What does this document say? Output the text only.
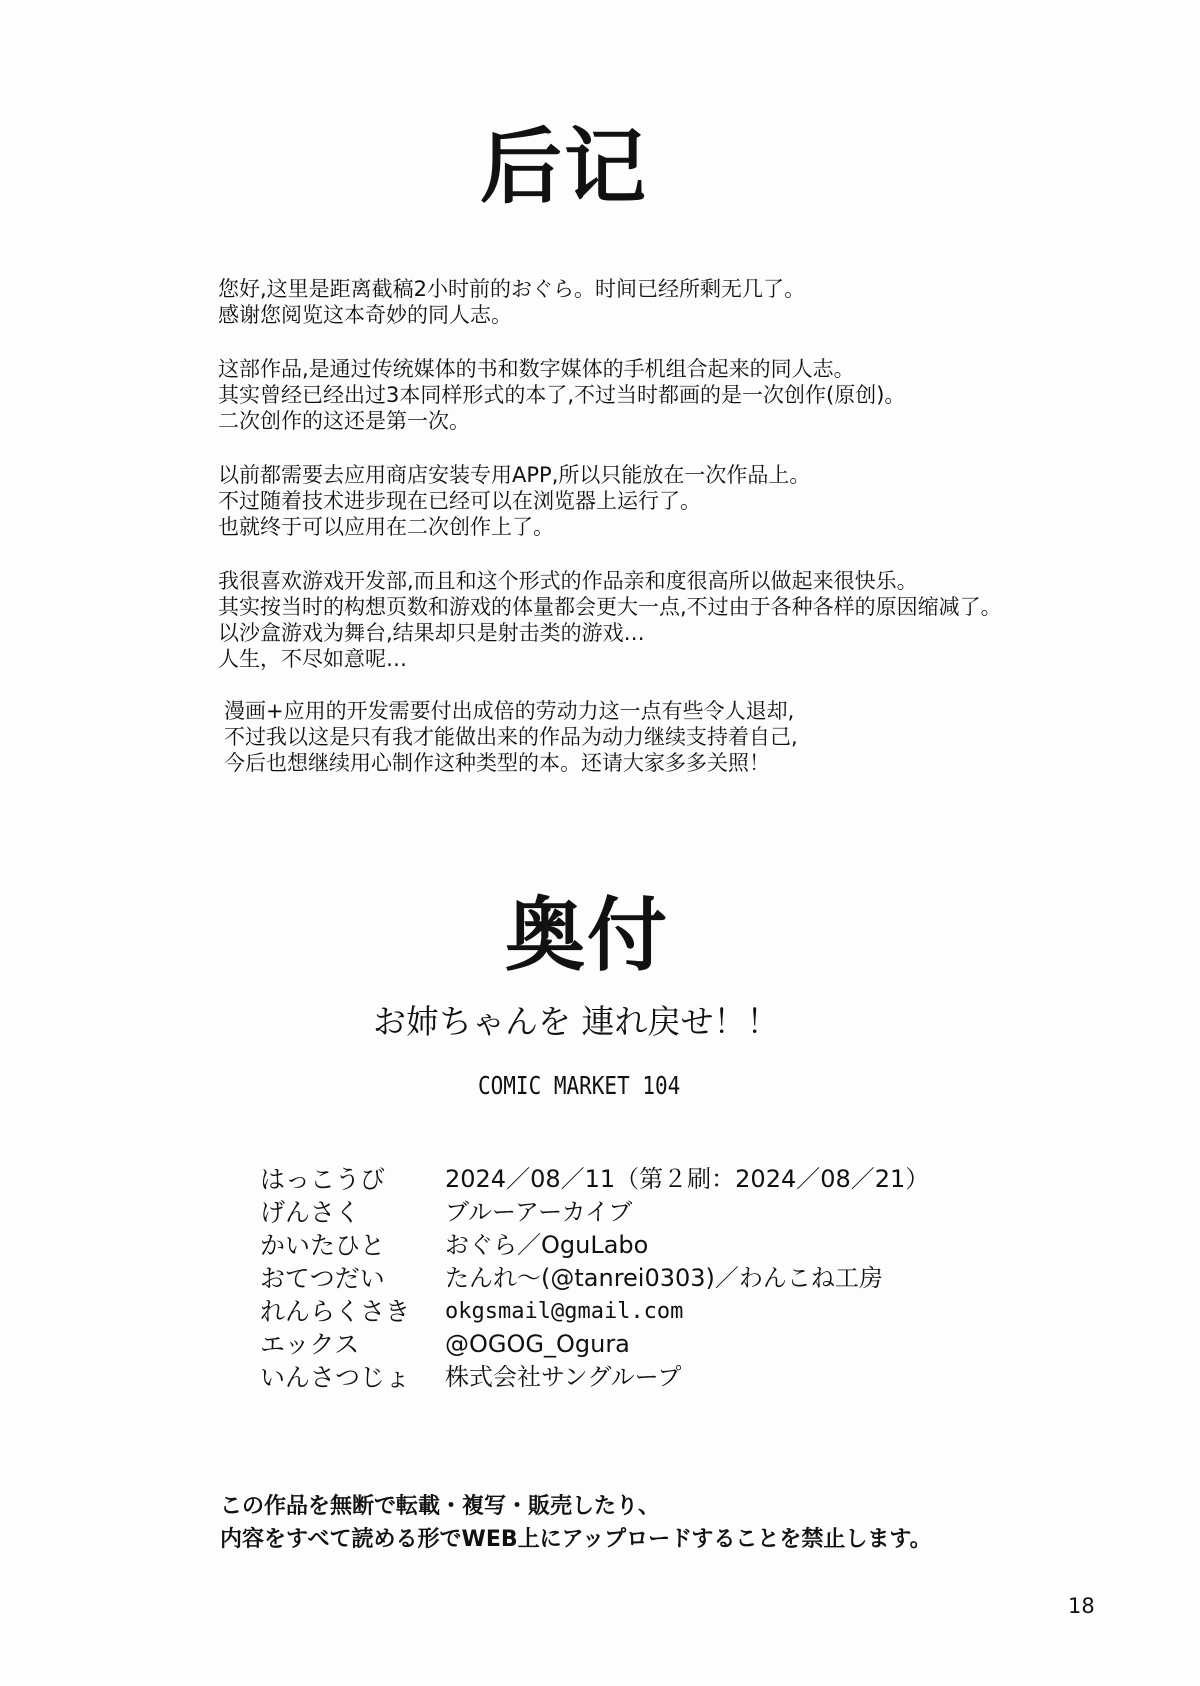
后记
您好,这里是距离截稿2小时前的おぐら。时间已经所剩无几了。
感谢您阅览这本奇妙的同人志。
这部作品,是通过传统媒体的书和数字媒体的手机组合起来的同人志。
其实曾经已经出过3本同样形式的本了,不过当时都画的是一次创作(原创)。
二次创作的这还是第一次。
以前都需要去应用商店安装专用APP,所以只能放在一次作品上。
不过随着技术进步现在已经可以在浏览器上运行了。
也就终于可以应用在二次创作上了。
我很喜欢游戏开发部,而且和这个形式的作品亲和度很高所以做起来很快乐。
其实按当时的构想页数和游戏的体量都会更大一点,不过由于各种各样的原因缩减了。
以沙盒游戏为舞台,结果却只是射击类的游戏…
人生，不尽如意呢…
漫画+应用的开发需要付出成倍的劳动力这一点有些令人退却,
不过我以这是只有我才能做出来的作品为动力继续支持着自己,
今后也想继续用心制作这种类型的本。还请大家多多关照！
奥付
お姉ちゃんを 連れ戻せ！！
COMIC MARKET 104
はっこうび	2024／08／11（第２刷：2024／08／21）
げんさく	ブルーアーカイブ
かいたひと	おぐら／OguLabo
おてつだい	たんれ～(@tanrei0303)／わんこね工房
れんらくさき	okgsmail@gmail.com
エックス	@OGOG_Ogura
いんさつじょ	株式会社サングループ
この作品を無断で転載・複写・販売したり、
内容をすべて読める形でWEB上にアップロードすることを禁止します。
18
